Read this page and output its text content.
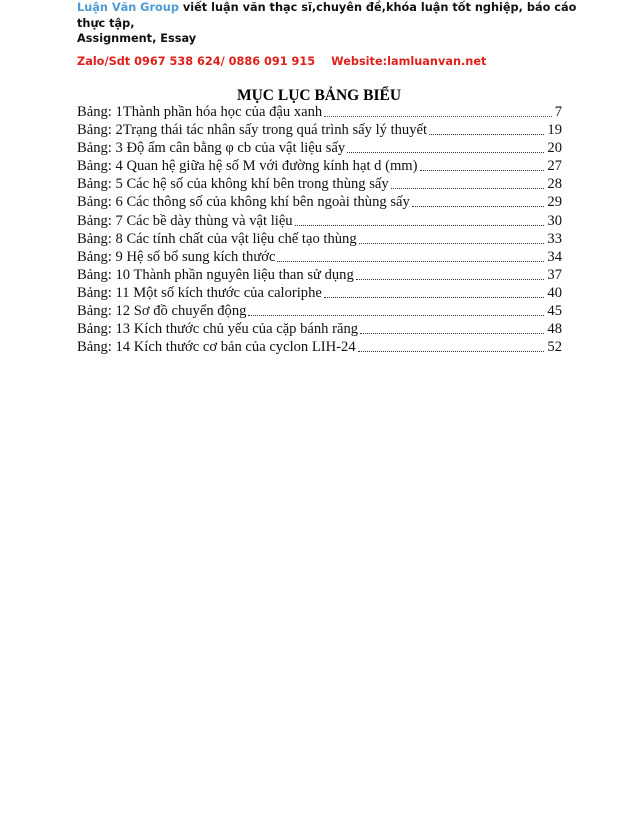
Luận Văn Group viết luận văn thạc sĩ,chuyên đề,khóa luận tốt nghiệp, báo cáo thực tập,
Assignment, Essay
Zalo/Sdt 0967 538 624/ 0886 091 915 Website:lamluanvan.net
MỤC LỤC BẢNG BIỂU
Bảng: 1Thành phần hóa học của đậu xanh	7
Bảng: 2Trạng thái tác nhân sấy trong quá trình sấy lý thuyết	19
Bảng: 3 Độ ẩm cân bằng φ cb của vật liệu sấy	20
Bảng: 4 Quan hệ giữa hệ số M với đường kính hạt d (mm)	27
Bảng: 5 Các hệ số của không khí bên trong thùng sấy	28
Bảng: 6 Các thông số của không khí bên ngoài thùng sấy	29
Bảng: 7 Các bề dày thùng và vật liệu	30
Bảng: 8 Các tính chất của vật liệu chế tạo thùng	33
Bảng: 9 Hệ số bổ sung kích thước	34
Bảng: 10 Thành phần nguyên liệu than sử dụng	37
Bảng: 11 Một số kích thước của caloriphe	40
Bảng: 12 Sơ đồ chuyển động	45
Bảng: 13 Kích thước chủ yếu của cặp bánh răng	48
Bảng: 14 Kích thước cơ bản của cyclon LIH-24	52
